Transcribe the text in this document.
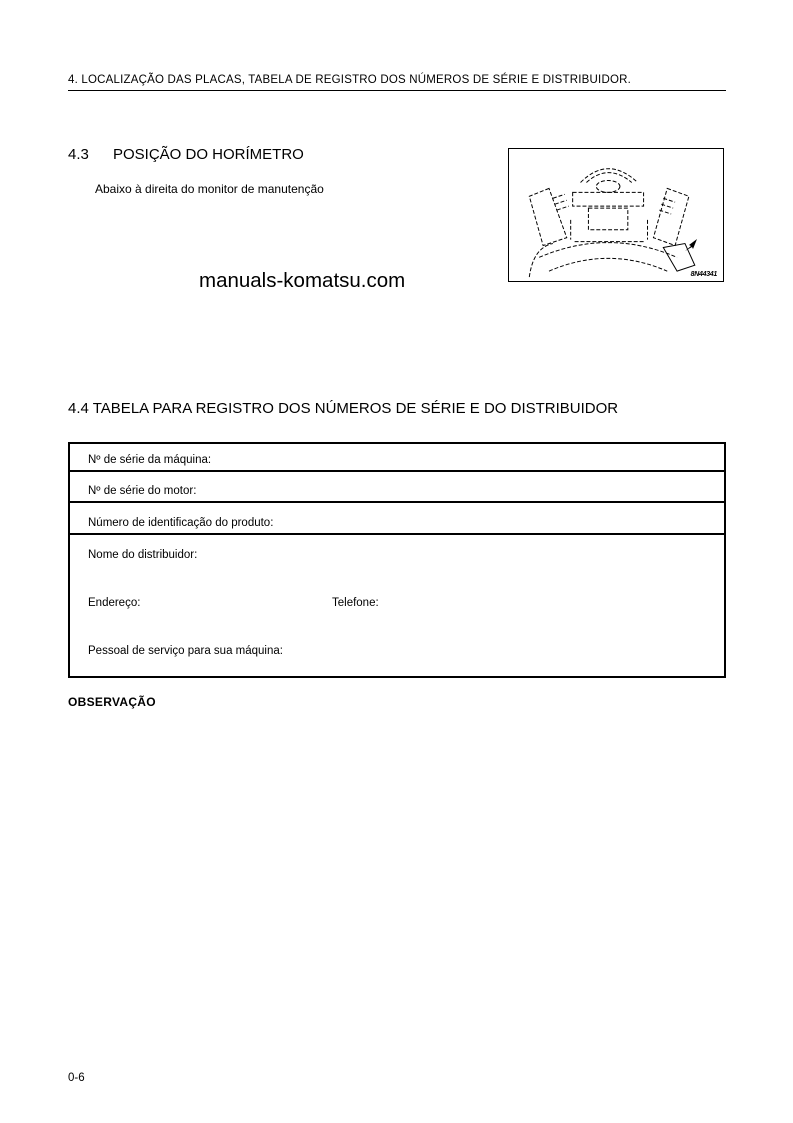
4. LOCALIZAÇÃO DAS PLACAS, TABELA DE REGISTRO DOS NÚMEROS DE SÉRIE E DISTRIBUIDOR.
4.3 POSIÇÃO DO HORÍMETRO
Abaixo à direita do monitor de manutenção
8N44341
manuals-komatsu.com
4.4 TABELA PARA REGISTRO DOS NÚMEROS DE SÉRIE E DO DISTRIBUIDOR
Nº de série da máquina:
Nº de série do motor:
Número de identificação do produto:
Nome do distribuidor:
Endereço:	Telefone:
Pessoal de serviço para sua máquina:
OBSERVAÇÃO
0-6
